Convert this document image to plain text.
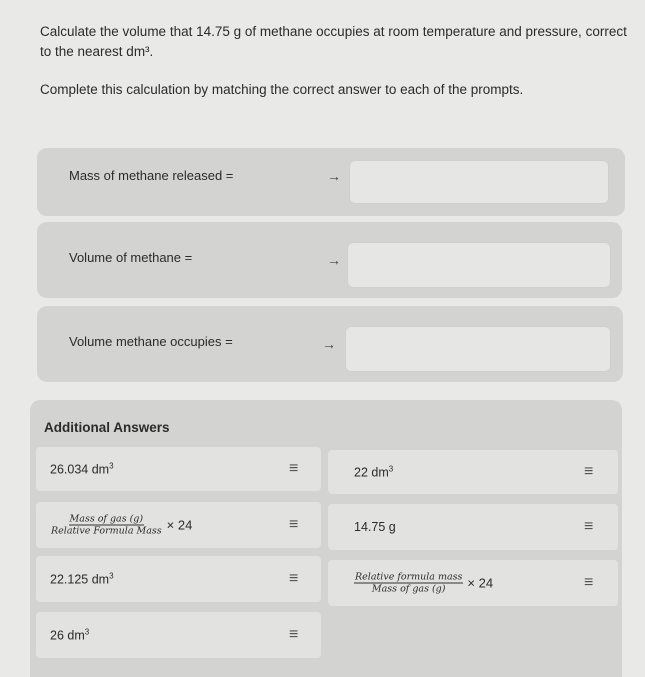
Calculate the volume that 14.75 g of methane occupies at room temperature and pressure, correct to the nearest dm³.
Complete this calculation by matching the correct answer to each of the prompts.
Mass of methane released =	→
Volume of methane =	→
Volume methane occupies =	→
Additional Answers
26.034 $dm^3$	≡	22 $dm^3$	≡
$\frac{\text{Mass of gas (g)}}{\text{Relative Formula Mass}} \times 24$	≡	14.75 g	≡
22.125 $dm^3$	≡	$\frac{\text{Relative formula mass}}{\text{Mass of gas (g)}} \times 24$	≡
26 $dm^3$	≡
